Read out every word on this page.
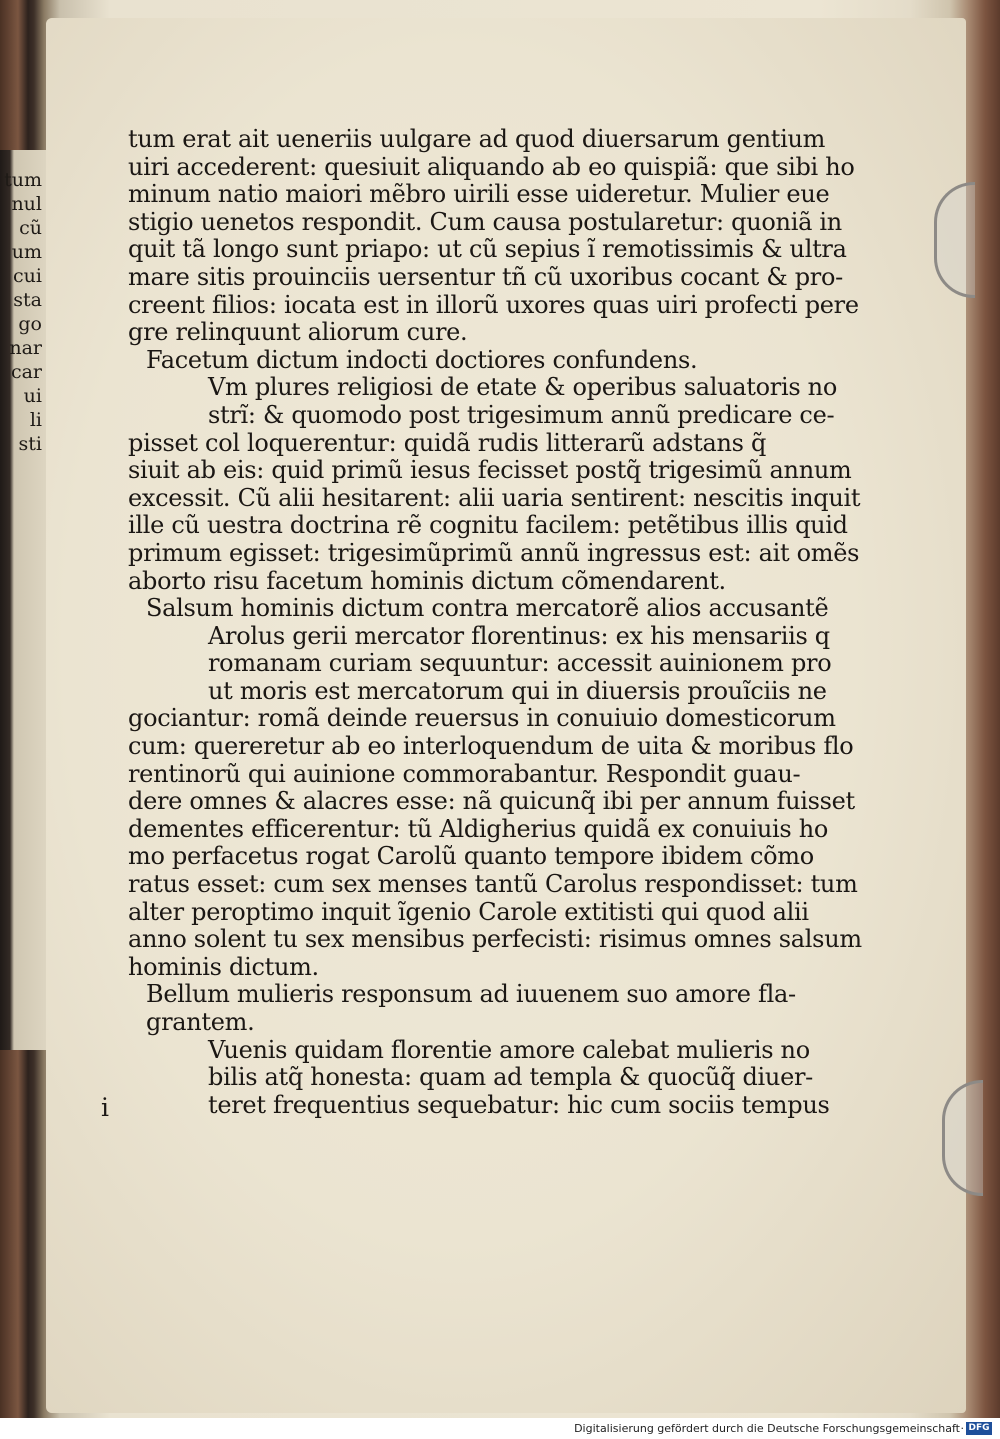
tum
nul
cũ
um
cui
sta
go
nar
car
ui
li
sti
tum erat ait ueneriis uulgare ad quod diuersarum gentium
uiri accederent: quesiuit aliquando ab eo quispiã: que sibi ho
minum natio maiori mẽbro uirili esse uideretur. Mulier eue
stigio uenetos respondit. Cum causa postularetur: quoniã in
quit tã longo sunt priapo: ut cũ sepius ĩ remotissimis & ultra
mare sitis prouinciis uersentur tñ cũ uxoribus cocant & pro-
creent filios: iocata est in illorũ uxores quas uiri profecti pere
gre relinquunt aliorum cure.
Facetum dictum indocti doctiores confundens.
Vm plures religiosi de etate & operibus saluatoris no
strĩ: & quomodo post trigesimum annũ predicare ce-
pisset col loquerentur: quidã rudis litterarũ adstans q̃
siuit ab eis: quid primũ iesus fecisset postq̃ trigesimũ annum
excessit. Cũ alii hesitarent: alii uaria sentirent: nescitis inquit
ille cũ uestra doctrina rẽ cognitu facilem: petẽtibus illis quid
primum egisset: trigesimũprimũ annũ ingressus est: ait omẽs
aborto risu facetum hominis dictum cõmendarent.
Salsum hominis dictum contra mercatorẽ alios accusantẽ
Arolus gerii mercator florentinus: ex his mensariis q
romanam curiam sequuntur: accessit auinionem pro
ut moris est mercatorum qui in diuersis prouĩciis ne
gociantur: romã deinde reuersus in conuiuio domesticorum
cum: quereretur ab eo interloquendum de uita & moribus flo
rentinorũ qui auinione commorabantur. Respondit guau-
dere omnes & alacres esse: nã quicunq̃ ibi per annum fuisset
dementes efficerentur: tũ Aldigherius quidã ex conuiuis ho
mo perfacetus rogat Carolũ quanto tempore ibidem cõmo
ratus esset: cum sex menses tantũ Carolus respondisset: tum
alter peroptimo inquit ĩgenio Carole extitisti qui quod alii
anno solent tu sex mensibus perfecisti: risimus omnes salsum
hominis dictum.
Bellum mulieris responsum ad iuuenem suo amore fla-
grantem.
Vuenis quidam florentie amore calebat mulieris no
bilis atq̃ honesta: quam ad templa & quocũq̃ diuer-
teret frequentius sequebatur: hic cum sociis tempus
i
Digitalisierung gefördert durch die Deutsche Forschungsgemeinschaft · DFG
